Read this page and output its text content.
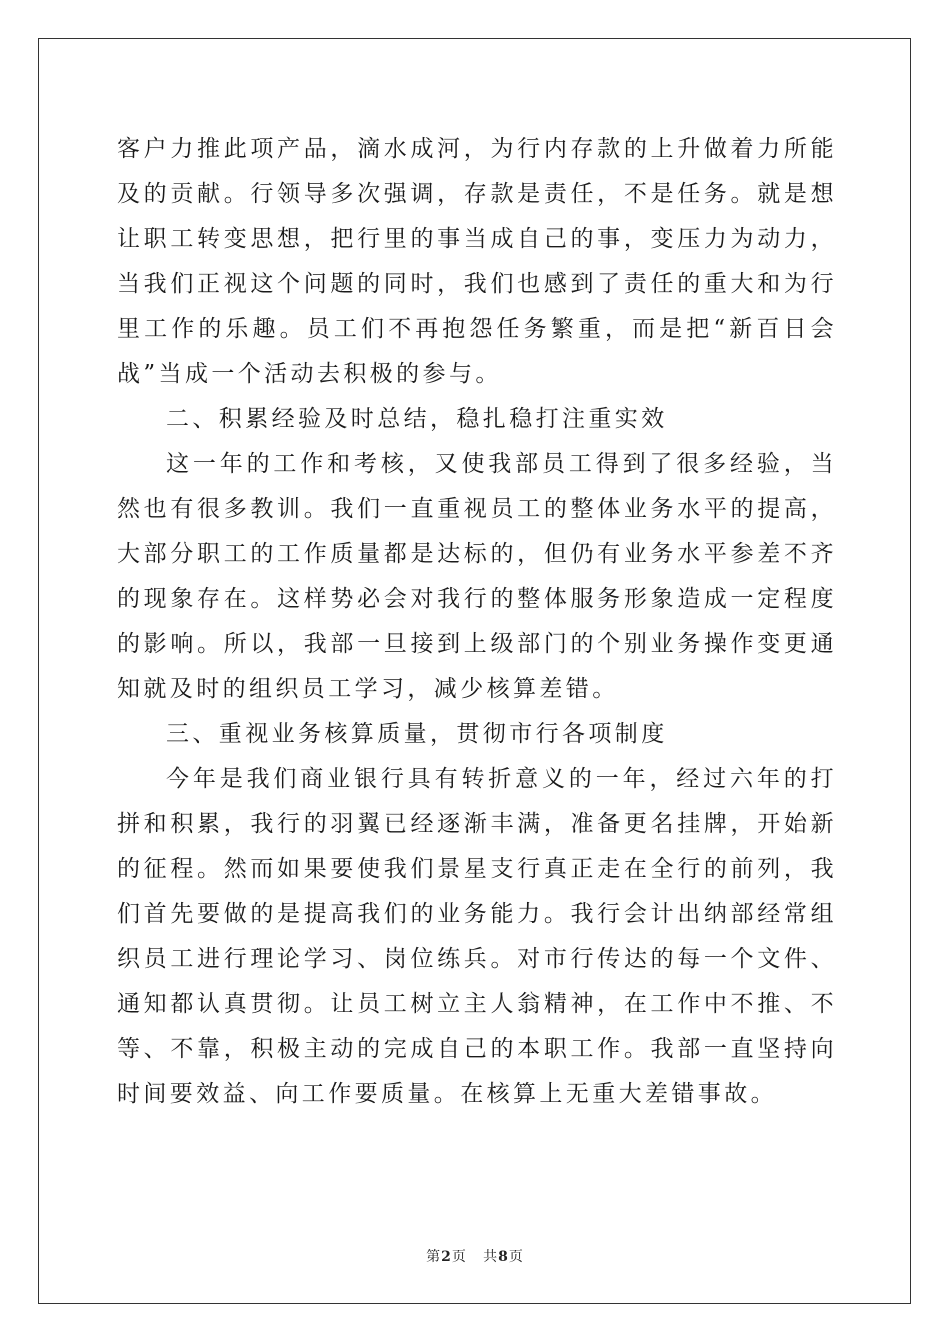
客户力推此项产品，滴水成河，为行内存款的上升做着力所能及的贡献。行领导多次强调，存款是责任，不是任务。就是想让职工转变思想，把行里的事当成自己的事，变压力为动力，当我们正视这个问题的同时，我们也感到了责任的重大和为行里工作的乐趣。员工们不再抱怨任务繁重，而是把“新百日会战”当成一个活动去积极的参与。

二、积累经验及时总结，稳扎稳打注重实效

这一年的工作和考核，又使我部员工得到了很多经验，当然也有很多教训。我们一直重视员工的整体业务水平的提高，大部分职工的工作质量都是达标的，但仍有业务水平参差不齐的现象存在。这样势必会对我行的整体服务形象造成一定程度的影响。所以，我部一旦接到上级部门的个别业务操作变更通知就及时的组织员工学习，减少核算差错。

三、重视业务核算质量，贯彻市行各项制度

今年是我们商业银行具有转折意义的一年，经过六年的打拼和积累，我行的羽翼已经逐渐丰满，准备更名挂牌，开始新的征程。然而如果要使我们景星支行真正走在全行的前列，我们首先要做的是提高我们的业务能力。我行会计出纳部经常组织员工进行理论学习、岗位练兵。对市行传达的每一个文件、通知都认真贯彻。让员工树立主人翁精神，在工作中不推、不等、不靠，积极主动的完成自己的本职工作。我部一直坚持向时间要效益、向工作要质量。在核算上无重大差错事故。

第2页 共8页
